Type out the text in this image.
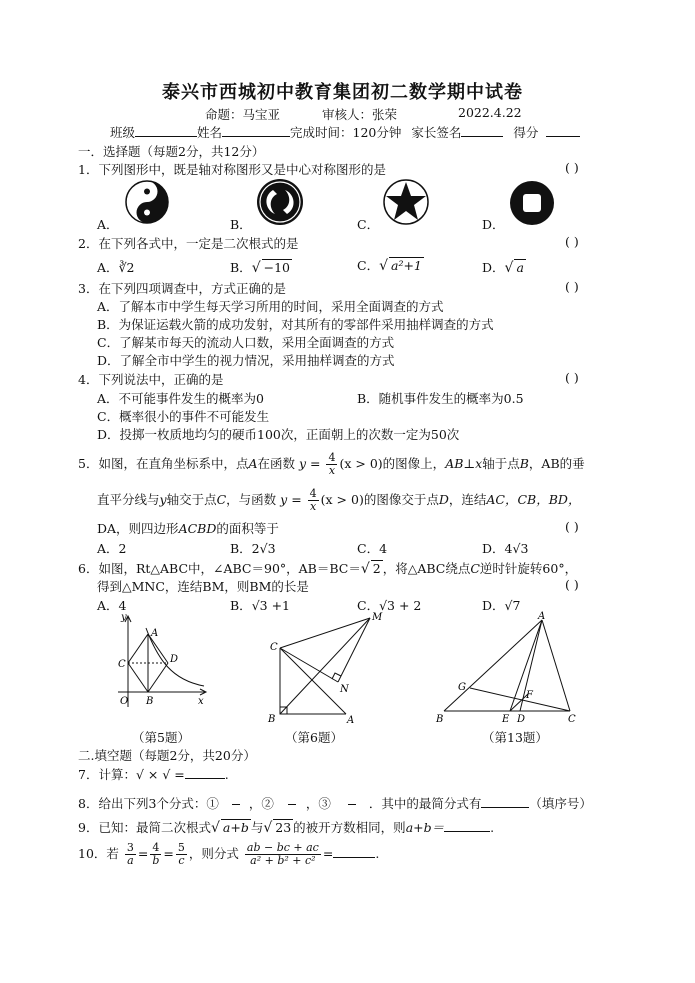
泰兴市西城初中教育集团初二数学期中试卷
命题：马宝亚	审核人：张荣	2022.4.22
班级	姓名	完成时间：120分钟 家长签名	得分
一．选择题（每题2分，共12分）
1．下列图形中，既是轴对称图形又是中心对称图形的是	( )
A．	B．	C．	D．
2．在下列各式中，一定是二次根式的是	( )
A．∛2	B．√ −10	C．√ a²+1	D．√ a
3．在下列四项调查中，方式正确的是	( )
A．了解本市中学生每天学习所用的时间，采用全面调查的方式
B．为保证运载火箭的成功发射，对其所有的零部件采用抽样调查的方式
C．了解某市每天的流动人口数，采用全面调查的方式
D．了解全市中学生的视力情况，采用抽样调查的方式
4．下列说法中，正确的是	( )
A．不可能事件发生的概率为0	B．随机事件发生的概率为0.5
C．概率很小的事件不可能发生
D．投掷一枚质地均匀的硬币100次，正面朝上的次数一定为50次
5．如图，在直角坐标系中，点A在函数 $y = \frac{4}{x} (x > 0)$的图像上，AB⊥x轴于点B，AB的垂
直平分线与y轴交于点C，与函数 $y = \frac{4}{x} (x > 0)$的图像交于点D，连结AC，CB，BD，
DA，则四边形ACBD的面积等于	( )
A．2	B．2√3	C．4	D．4√3
6．如图，Rt△ABC中，∠ABC＝90°，AB＝BC＝√ 2 ，将△ABC绕点C逆时针旋转60°，
得到△MNC，连结BM，则BM的长是	( )
A．4	B．√3 +1	C．√3 + 2	D．√7
y
x
A
C	D
O B
（第5题）
C
M
N
B	A
（第6题）
A
G
F
B	E D	C
（第13题）
二.填空题（每题2分，共20分）
7．计算：√ × √ =	.
8．给出下列3个分式：①

，②

	，③

	．其中的最简分式有	（填序号）
9．已知：最简二次根式√ a+b 与√ 23 的被开方数相同，则a+b＝	.
10．若 $\frac{3}{a} = \frac{4}{b} = \frac{5}{c}$ ，则分式 $\frac{ab - bc + ac}{\text{a² + b² + c²}}$ =	.
